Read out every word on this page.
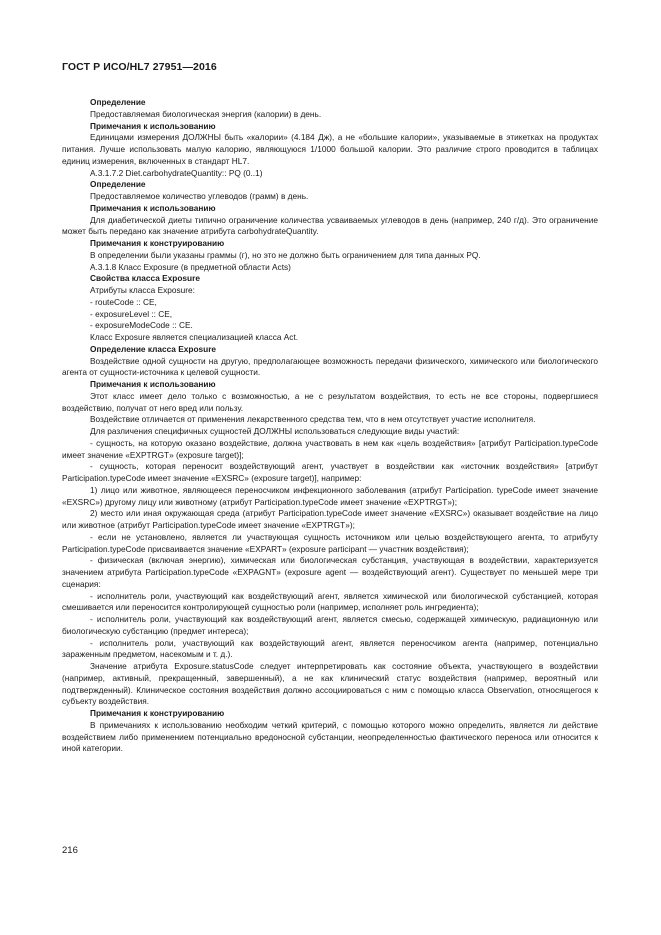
ГОСТ Р ИСО/HL7 27951—2016
Определение
Предоставляемая биологическая энергия (калории) в день.
Примечания к использованию
Единицами измерения ДОЛЖНЫ быть «калории» (4.184 Дж), а не «большие калории», указываемые в этикетках на продуктах питания. Лучше использовать малую калорию, являющуюся 1/1000 большой калории. Это различие строго проводится в таблицах единиц измерения, включенных в стандарт HL7.
A.3.1.7.2 Diet.carbohydrateQuantity:: PQ (0..1)
Определение
Предоставляемое количество углеводов (грамм) в день.
Примечания к использованию
Для диабетической диеты типично ограничение количества усваиваемых углеводов в день (например, 240 г/д). Это ограничение может быть передано как значение атрибута carbohydrateQuantity.
Примечания к конструированию
В определении были указаны граммы (г), но это не должно быть ограничением для типа данных PQ.
A.3.1.8 Класс Exposure (в предметной области Acts)
Свойства класса Exposure
Атрибуты класса Exposure:
- routeCode :: CE,
- exposureLevel :: CE,
- exposureModeCode :: CE.
Класс Exposure является специализацией класса Act.
Определение класса Exposure
Воздействие одной сущности на другую, предполагающее возможность передачи физического, химического или биологического агента от сущности-источника к целевой сущности.
Примечания к использованию
Этот класс имеет дело только с возможностью, а не с результатом воздействия, то есть не все стороны, подвергшиеся воздействию, получат от него вред или пользу.
Воздействие отличается от применения лекарственного средства тем, что в нем отсутствует участие исполнителя.
Для различения специфичных сущностей ДОЛЖНЫ использоваться следующие виды участий:
- сущность, на которую оказано воздействие, должна участвовать в нем как «цель воздействия» [атрибут Participation.typeCode имеет значение «EXPTRGT» (exposure target)];
- сущность, которая переносит воздействующий агент, участвует в воздействии как «источник воздействия» [атрибут Participation.typeCode имеет значение «EXSRC» (exposure target)], например:
1) лицо или животное, являющееся переносчиком инфекционного заболевания (атрибут Participation. typeCode имеет значение «EXSRC») другому лицу или животному (атрибут Participation.typeCode имеет значение «EXPTRGT»);
2) место или иная окружающая среда (атрибут Participation.typeCode имеет значение «EXSRC») оказывает воздействие на лицо или животное (атрибут Participation.typeCode имеет значение «EXPTRGT»);
- если не установлено, является ли участвующая сущность источником или целью воздействующего агента, то атрибуту Participation.typeCode присваивается значение «EXPART» (exposure participant — участник воздействия);
- физическая (включая энергию), химическая или биологическая субстанция, участвующая в воздействии, характеризуется значением атрибута Participation.typeCode «EXPAGNT» (exposure agent — воздействующий агент). Существует по меньшей мере три сценария:
- исполнитель роли, участвующий как воздействующий агент, является химической или биологической субстанцией, которая смешивается или переносится контролирующей сущностью роли (например, исполняет роль ингредиента);
- исполнитель роли, участвующий как воздействующий агент, является смесью, содержащей химическую, радиационную или биологическую субстанцию (предмет интереса);
- исполнитель роли, участвующий как воздействующий агент, является переносчиком агента (например, потенциально зараженным предметом, насекомым и т. д.).
Значение атрибута Exposure.statusCode следует интерпретировать как состояние объекта, участвующего в воздействии (например, активный, прекращенный, завершенный), а не как клинический статус воздействия (например, вероятный или подтвержденный). Клиническое состояния воздействия должно ассоциироваться с ним с помощью класса Observation, относящегося к субъекту воздействия.
Примечания к конструированию
В примечаниях к использованию необходим четкий критерий, с помощью которого можно определить, является ли действие воздействием либо применением потенциально вредоносной субстанции, неопределенностью фактического переноса или относится к иной категории.
216
